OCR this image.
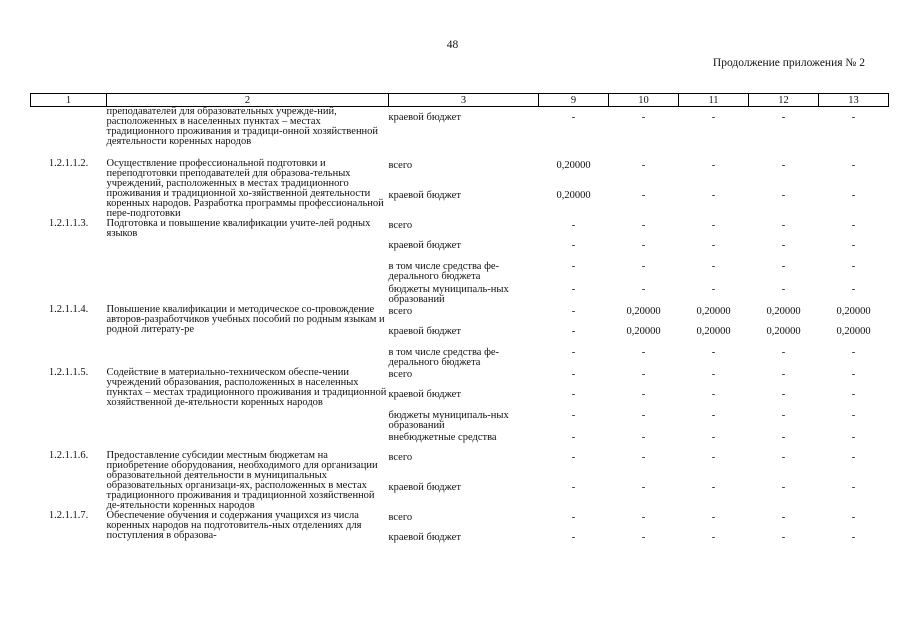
48
Продолжение приложения № 2
1	2	3	9	10	11	12	13
	преподавателей для образовательных учрежде-ний, расположенных в населенных пунктах – местах традиционного проживания и традици-онной хозяйственной деятельности коренных народов	краевой бюджет	-	-	-	-	-
1.2.1.1.2.	Осуществление профессиональной подготовки и переподготовки преподавателей для образова-тельных учреждений, расположенных в местах традиционного проживания и традиционной хо-зяйственной деятельности коренных народов. Разработка программы профессиональной пере-подготовки	всего	0,20000	-	-	-	-
		краевой бюджет	0,20000	-	-	-	-
1.2.1.1.3.	Подготовка и повышение квалификации учите-лей родных языков	всего	-	-	-	-	-
		краевой бюджет	-	-	-	-	-
		в том числе средства фе-дерального бюджета	-	-	-	-	-
		бюджеты муниципаль-ных образований	-	-	-	-	-
1.2.1.1.4.	Повышение квалификации и методическое со-провождение авторов-разработчиков учебных пособий по родным языкам и родной литерату-ре	всего	-	0,20000	0,20000	0,20000	0,20000
		краевой бюджет	-	0,20000	0,20000	0,20000	0,20000
		в том числе средства фе-дерального бюджета	-	-	-	-	-
1.2.1.1.5.	Содействие в материально-техническом обеспе-чении учреждений образования, расположенных в населенных пунктах – местах традиционного проживания и традиционной хозяйственной де-ятельности коренных народов	всего	-	-	-	-	-
		краевой бюджет	-	-	-	-	-
		бюджеты муниципаль-ных образований	-	-	-	-	-
		внебюджетные средства	-	-	-	-	-
1.2.1.1.6.	Предоставление субсидии местным бюджетам на приобретение оборудования, необходимого для организации образовательной деятельности в муниципальных образовательных организаци-ях, расположенных в местах традиционного проживания и традиционной хозяйственной де-ятельности коренных народов	всего	-	-	-	-	-
		краевой бюджет	-	-	-	-	-
1.2.1.1.7.	Обеспечение обучения и содержания учащихся из числа коренных народов на подготовитель-ных отделениях для поступления в образова-	всего	-	-	-	-	-
		краевой бюджет	-	-	-	-	-
